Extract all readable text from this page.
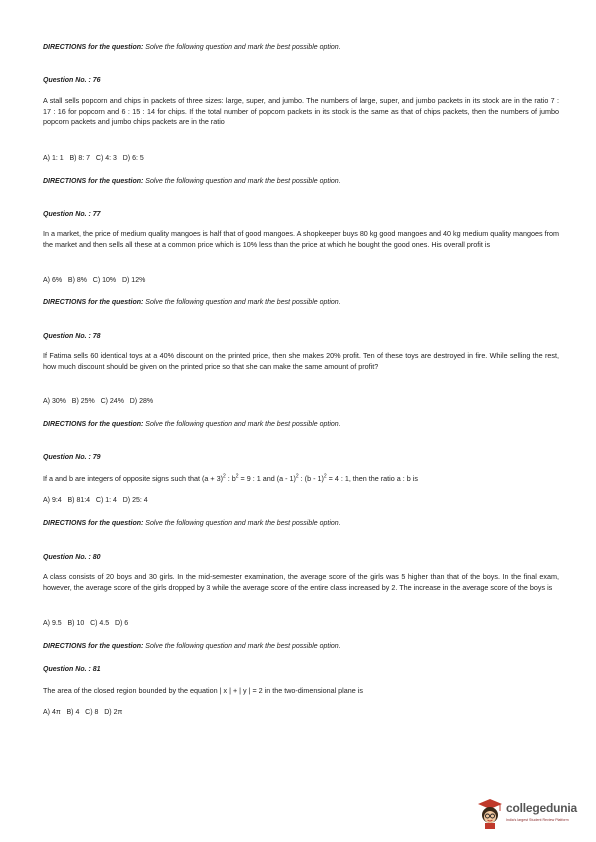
DIRECTIONS for the question: Solve the following question and mark the best possible option.
Question No. : 76
A stall sells popcorn and chips in packets of three sizes: large, super, and jumbo. The numbers of large, super, and jumbo packets in its stock are in the ratio 7 : 17 : 16 for popcorn and 6 : 15 : 14 for chips. If the total number of popcorn packets in its stock is the same as that of chips packets, then the numbers of jumbo popcorn packets and jumbo chips packets are in the ratio
A) 1: 1   B) 8: 7   C) 4: 3   D) 6: 5
DIRECTIONS for the question: Solve the following question and mark the best possible option.
Question No. : 77
In a market, the price of medium quality mangoes is half that of good mangoes. A shopkeeper buys 80 kg good mangoes and 40 kg medium quality mangoes from the market and then sells all these at a common price which is 10% less than the price at which he bought the good ones. His overall profit is
A) 6%   B) 8%   C) 10%   D) 12%
DIRECTIONS for the question: Solve the following question and mark the best possible option.
Question No. : 78
If Fatima sells 60 identical toys at a 40% discount on the printed price, then she makes 20% profit. Ten of these toys are destroyed in fire. While selling the rest, how much discount should be given on the printed price so that she can make the same amount of profit?
A) 30%   B) 25%   C) 24%   D) 28%
DIRECTIONS for the question: Solve the following question and mark the best possible option.
Question No. : 79
If a and b are integers of opposite signs such that $(a + 3)^2$ : $b^2 = 9$ : 1 and (a - 1)$^2$ : (b - 1)$^2$ = 4 : 1, then the ratio a : b is
A) 9:4   B) 81:4   C) 1: 4   D) 25: 4
DIRECTIONS for the question: Solve the following question and mark the best possible option.
Question No. : 80
A class consists of 20 boys and 30 girls. In the mid-semester examination, the average score of the girls was 5 higher than that of the boys. In the final exam, however, the average score of the girls dropped by 3 while the average score of the entire class increased by 2. The increase in the average score of the boys is
A) 9.5   B) 10   C) 4.5   D) 6
DIRECTIONS for the question: Solve the following question and mark the best possible option.
Question No. : 81
The area of the closed region bounded by the equation | x | + | y | = 2 in the two-dimensional plane is
A) 4π   B) 4   C) 8   D) 2π
collegedunia
India's largest Student Review Platform
